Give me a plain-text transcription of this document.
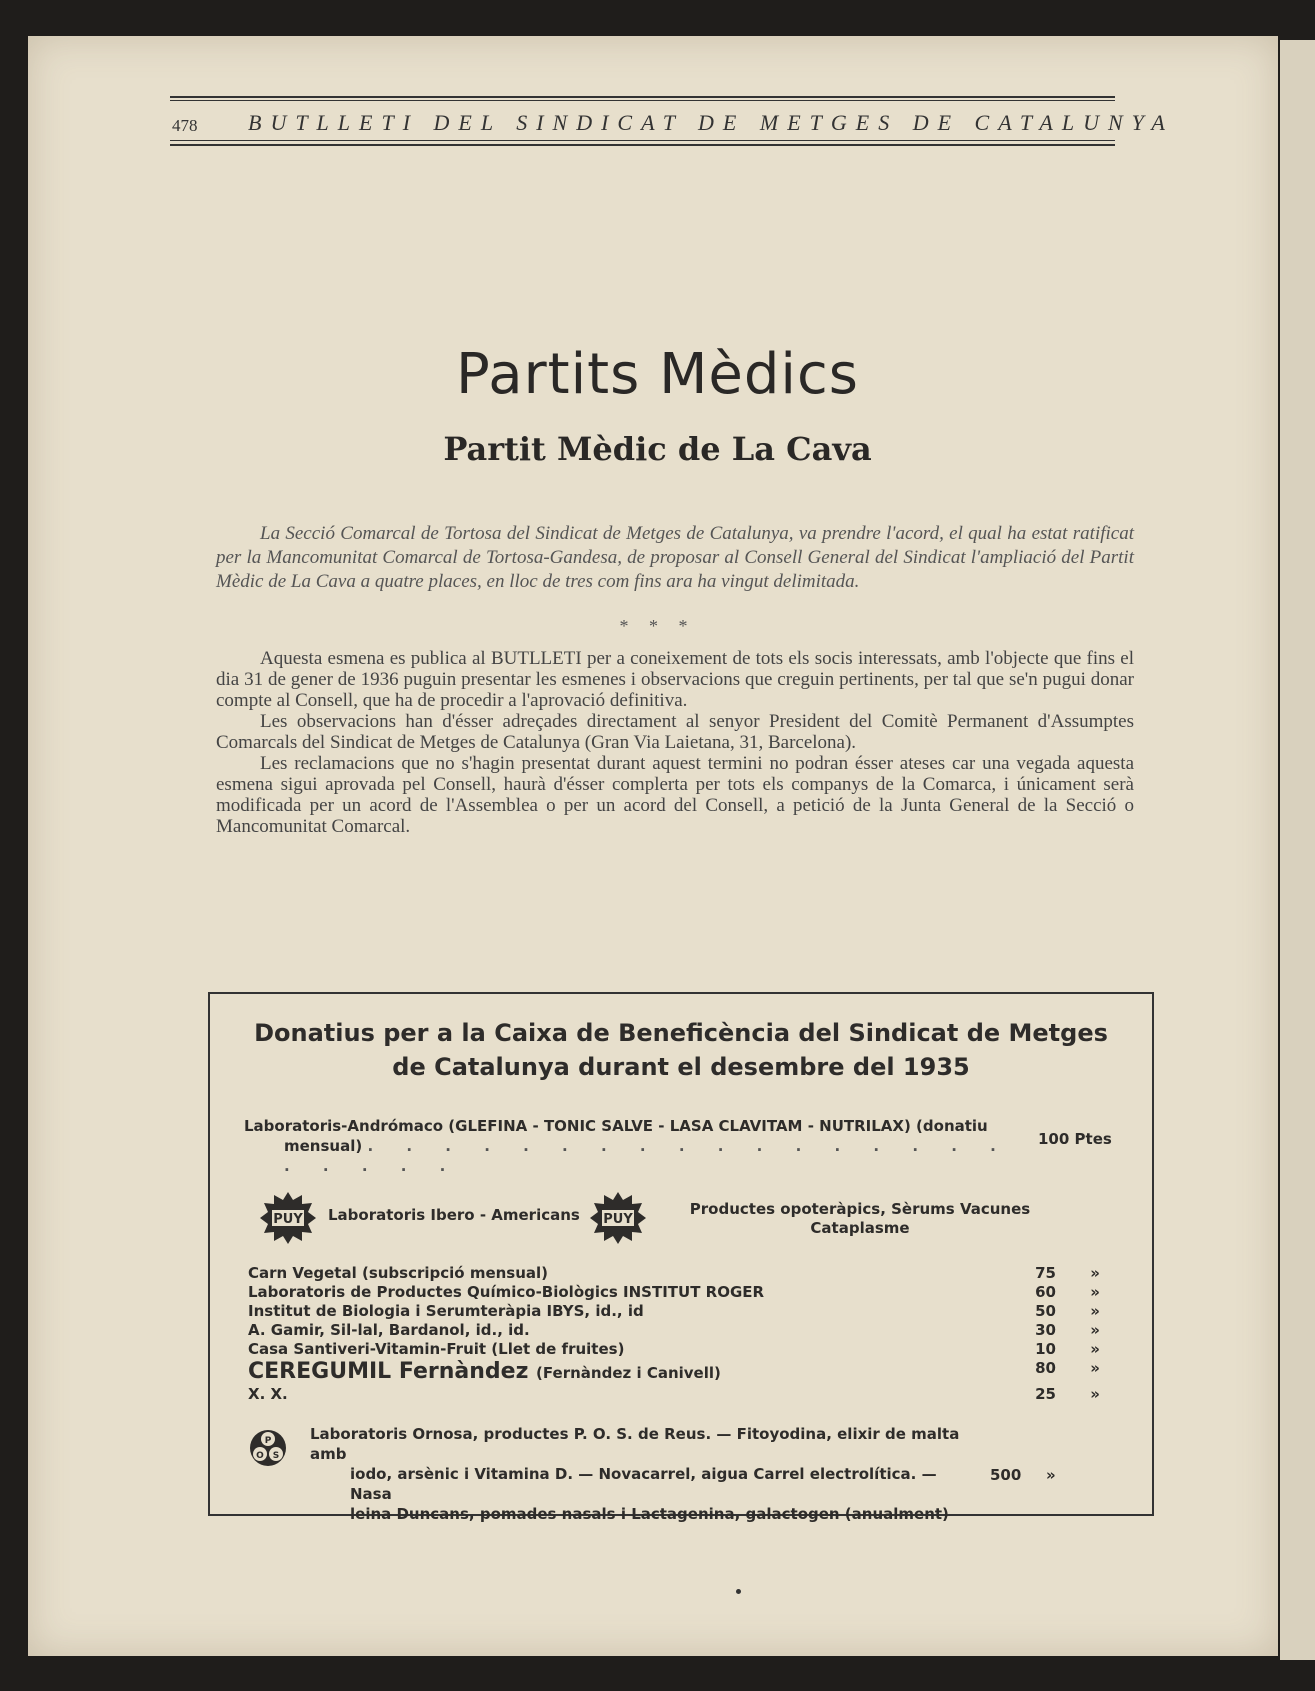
478 BUTLLETI DEL SINDICAT DE METGES DE CATALUNYA
Partits Mèdics
Partit Mèdic de La Cava

La Secció Comarcal de Tortosa del Sindicat de Metges de Catalunya, va prendre l'acord, el qual ha estat ratificat per la Mancomunitat Comarcal de Tortosa-Gandesa, de proposar al Consell General del Sindicat l'ampliació del Partit Mèdic de La Cava a quatre places, en lloc de tres com fins ara ha vingut delimitada.

* * *

Aquesta esmena es publica al BUTLLETI per a coneixement de tots els socis interessats, amb l'objecte que fins el dia 31 de gener de 1936 puguin presentar les esmenes i observacions que creguin pertinents, per tal que se'n pugui donar compte al Consell, que ha de procedir a l'aprovació definitiva.

Les observacions han d'ésser adreçades directament al senyor President del Comitè Permanent d'Assumptes Comarcals del Sindicat de Metges de Catalunya (Gran Via Laietana, 31, Barcelona).

Les reclamacions que no s'hagin presentat durant aquest termini no podran ésser ateses car una vegada aquesta esmena sigui aprovada pel Consell, haurà d'ésser complerta per tots els companys de la Comarca, i únicament serà modificada per un acord de l'Assemblea o per un acord del Consell, a petició de la Junta General de la Secció o Mancomunitat Comarcal.

Donatius per a la Caixa de Beneficència del Sindicat de Metges
de Catalunya durant el desembre del 1935
Laboratoris-Andrómaco (GLEFINA - TONIC SALVE - LASA CLAVITAM - NUTRILAX) (donatiu
mensual) . . . . . . . . . . . . . . . . . . . . . .
100 Ptes
PUY Laboratoris Ibero - Americans PUY
Productes opoteràpics, Sèrums Vacunes Cataplasme
Carn Vegetal (subscripció mensual)	75 »
Laboratoris de Productes Químico-Biològics INSTITUT ROGER	60 »
Institut de Biologia i Serumteràpia IBYS, id., id	50 »
A. Gamir, Sil-lal, Bardanol, id., id.	30 »
Casa Santiveri-Vitamin-Fruit (Llet de fruites)	10 »
CEREGUMIL Fernàndez (Fernàndez i Canivell)	80 »
X. X.	25 »
P
O S
Laboratoris Ornosa, productes P. O. S. de Reus. — Fitoyodina, elixir de malta amb
iodo, arsènic i Vitamina D. — Novacarrel, aigua Carrel electrolítica. — Nasa
leina Duncans, pomades nasals i Lactagenina, galactogen (anualment)
500 »
